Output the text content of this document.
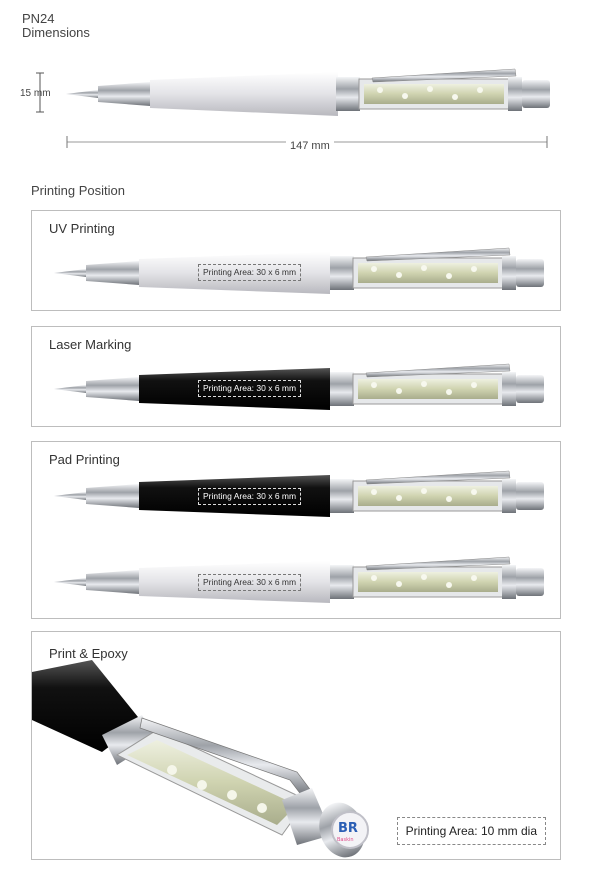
PN24
Dimensions
15 mm
147 mm
Printing Position
UV Printing
Printing Area: 30 x 6 mm
Laser Marking
Printing Area: 30 x 6 mm
Pad Printing
Printing Area: 30 x 6 mm
Printing Area: 30 x 6 mm
Print & Epoxy
BR
Baskin
Printing Area: 10 mm dia
